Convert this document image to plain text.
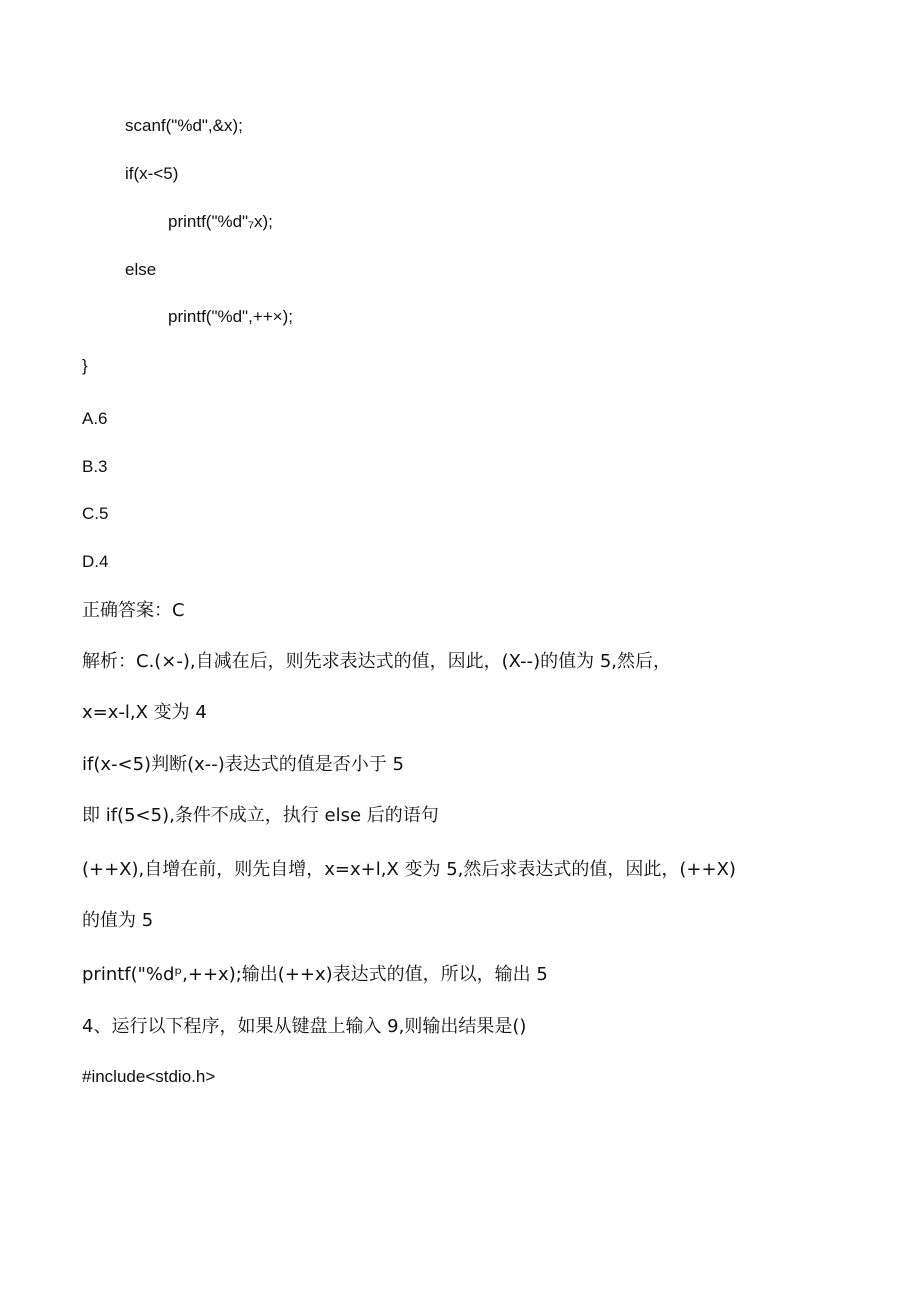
scanf("%d",&x);
if(x-<5)
printf("%d"₇x);
else
printf("%d",++×);
}
A.6
B.3
C.5
D.4
正确答案：C
解析：C.(×-),自减在后，则先求表达式的值，因此，(X--)的值为 5,然后，
x=x-l,X 变为 4
if(x-<5)判断(x--)表达式的值是否小于 5
即 if(5<5),条件不成立，执行 else 后的语句
(++X),自增在前，则先自增，x=x+l,X 变为 5,然后求表达式的值，因此，(++X)
的值为 5
printf("%dᵖ,++x);输出(++x)表达式的值，所以，输出 5
4、运行以下程序，如果从键盘上输入 9,则输出结果是()
#include<stdio.h>
